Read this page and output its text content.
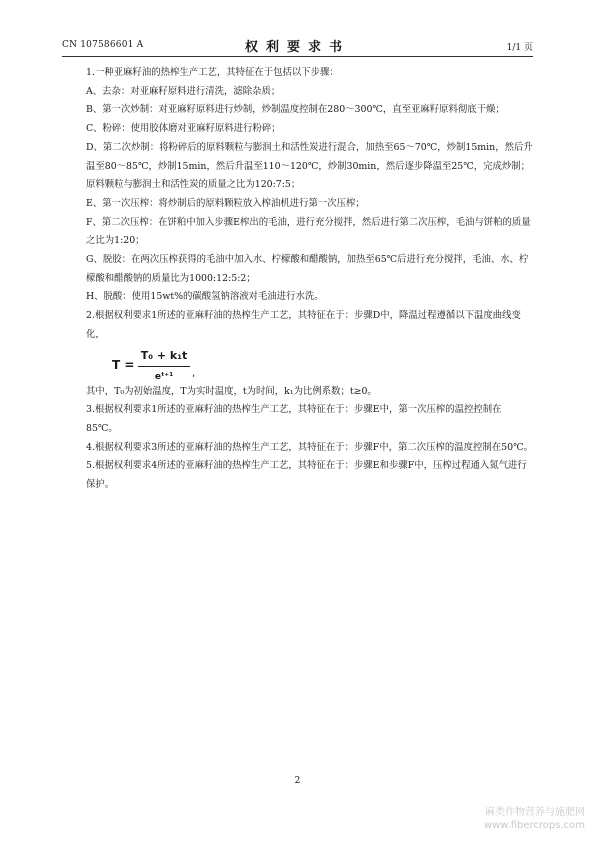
CN 107586601 A	权利要求书	1/1 页

1.一种亚麻籽油的热榨生产工艺，其特征在于包括以下步骤：

A、去杂：对亚麻籽原料进行清洗，滤除杂质；

B、第一次炒制：对亚麻籽原料进行炒制，炒制温度控制在280～300℃，直至亚麻籽原料彻底干燥；

C、粉碎：使用胶体磨对亚麻籽原料进行粉碎；

D、第二次炒制：将粉碎后的原料颗粒与膨润土和活性炭进行混合，加热至65～70℃，炒制15min，然后升温至80～85℃，炒制15min，然后升温至110～120℃，炒制30min，然后逐步降温至25℃，完成炒制；原料颗粒与膨润土和活性炭的质量之比为120:7:5；

E、第一次压榨：将炒制后的原料颗粒放入榨油机进行第一次压榨；

F、第二次压榨：在饼粕中加入步骤E榨出的毛油，进行充分搅拌，然后进行第二次压榨，毛油与饼粕的质量之比为1:20；

G、脱胶：在两次压榨获得的毛油中加入水、柠檬酸和醋酸钠，加热至65℃后进行充分搅拌，毛油、水、柠檬酸和醋酸钠的质量比为1000:12:5:2；

H、脱酸：使用15wt%的碳酸氢钠溶液对毛油进行水洗。

2.根据权利要求1所述的亚麻籽油的热榨生产工艺，其特征在于：步骤D中，降温过程遵循以下温度曲线变化，

T =
T₀ + k₁t
eᵗ⁺¹	,

其中，T₀为初始温度，T为实时温度，t为时间，k₁为比例系数；t≥0。

3.根据权利要求1所述的亚麻籽油的热榨生产工艺，其特征在于：步骤E中，第一次压榨的温控控制在85℃。

4.根据权利要求3所述的亚麻籽油的热榨生产工艺，其特征在于：步骤F中，第二次压榨的温度控制在50℃。

5.根据权利要求4所述的亚麻籽油的热榨生产工艺，其特征在于：步骤E和步骤F中，压榨过程通入氮气进行保护。

2
麻类作物营养与施肥网
www.fibercrops.com
